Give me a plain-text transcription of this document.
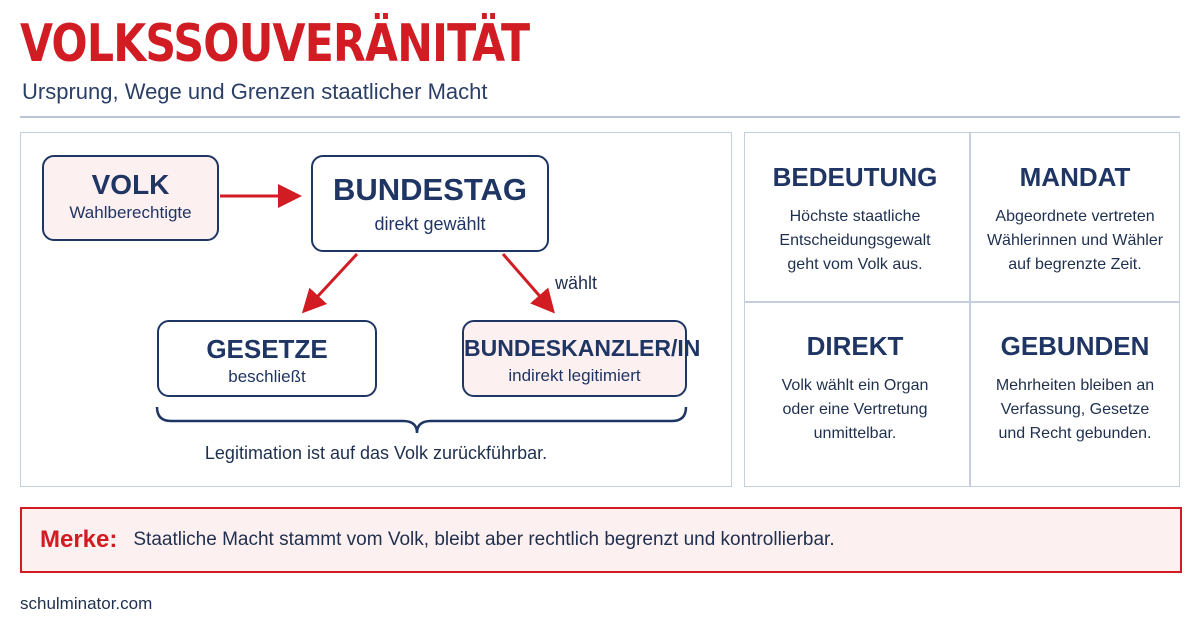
VOLKSSOUVERÄNITÄT
Ursprung, Wege und Grenzen staatlicher Macht
VOLK
Wahlberechtigte
BUNDESTAG
direkt gewählt
GESETZE
beschließt
BUNDESKANZLER/IN
indirekt legitimiert
wählt
Legitimation ist auf das Volk zurückführbar.
BEDEUTUNG
Höchste staatliche
Entscheidungsgewalt
geht vom Volk aus.
MANDAT
Abgeordnete vertreten
Wählerinnen und Wähler
auf begrenzte Zeit.
DIREKT
Volk wählt ein Organ
oder eine Vertretung
unmittelbar.
GEBUNDEN
Mehrheiten bleiben an
Verfassung, Gesetze
und Recht gebunden.
Merke: Staatliche Macht stammt vom Volk, bleibt aber rechtlich begrenzt und kontrollierbar.
schulminator.com
